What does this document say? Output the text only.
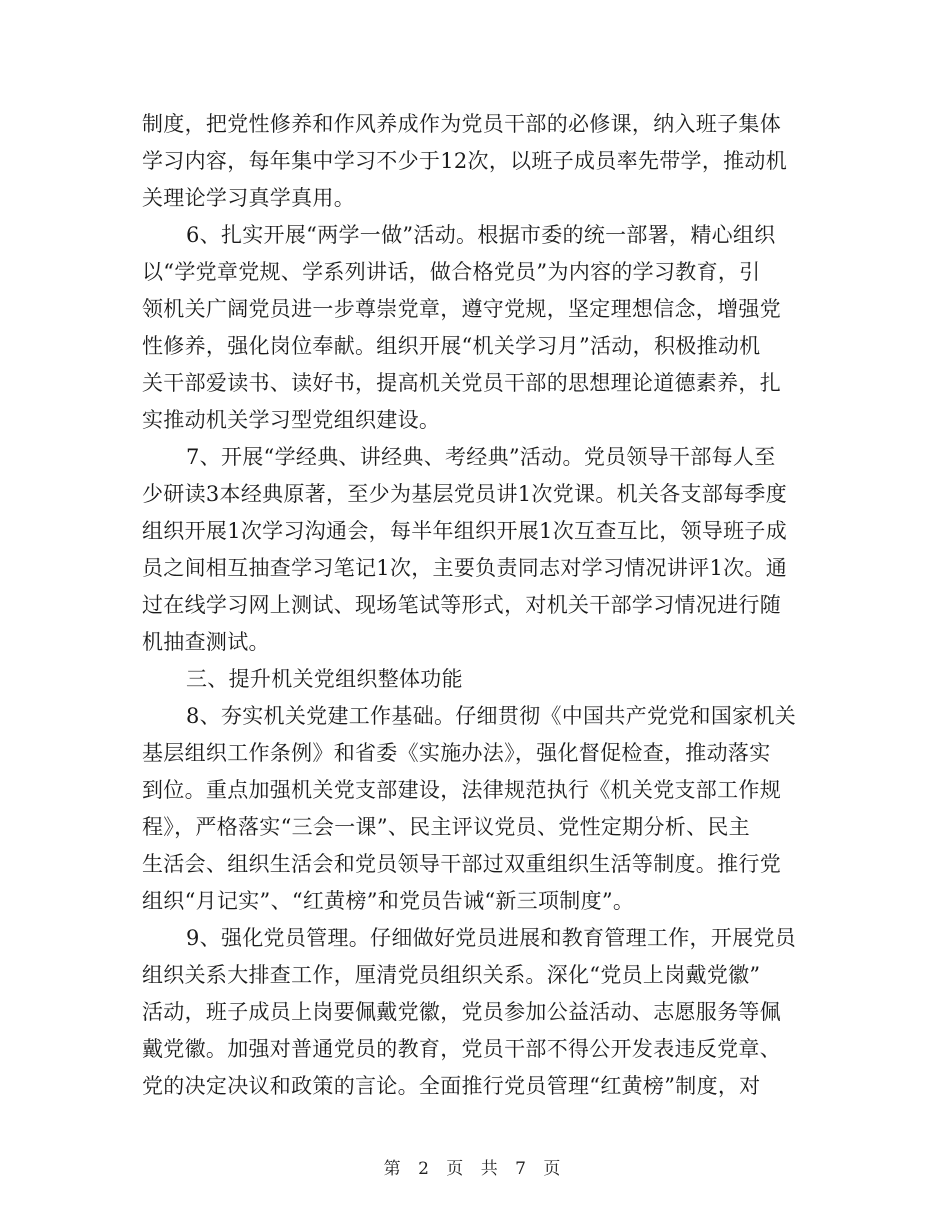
制度，把党性修养和作风养成作为党员干部的必修课，纳入班子集体
学习内容，每年集中学习不少于12次，以班子成员率先带学，推动机
关理论学习真学真用。
6、扎实开展“两学一做”活动。根据市委的统一部署，精心组织
以“学党章党规、学系列讲话，做合格党员”为内容的学习教育，引
领机关广阔党员进一步尊崇党章，遵守党规，坚定理想信念，增强党
性修养，强化岗位奉献。组织开展“机关学习月”活动，积极推动机
关干部爱读书、读好书，提高机关党员干部的思想理论道德素养，扎
实推动机关学习型党组织建设。
7、开展“学经典、讲经典、考经典”活动。党员领导干部每人至
少研读3本经典原著，至少为基层党员讲1次党课。机关各支部每季度
组织开展1次学习沟通会，每半年组织开展1次互查互比，领导班子成
员之间相互抽查学习笔记1次，主要负责同志对学习情况讲评1次。通
过在线学习网上测试、现场笔试等形式，对机关干部学习情况进行随
机抽查测试。
三、提升机关党组织整体功能
8、夯实机关党建工作基础。仔细贯彻《中国共产党党和国家机关
基层组织工作条例》和省委《实施办法》，强化督促检查，推动落实
到位。重点加强机关党支部建设，法律规范执行《机关党支部工作规
程》，严格落实“三会一课”、民主评议党员、党性定期分析、民主
生活会、组织生活会和党员领导干部过双重组织生活等制度。推行党
组织“月记实”、“红黄榜”和党员告诫“新三项制度”。
9、强化党员管理。仔细做好党员进展和教育管理工作，开展党员
组织关系大排查工作，厘清党员组织关系。深化“党员上岗戴党徽”
活动，班子成员上岗要佩戴党徽，党员参加公益活动、志愿服务等佩
戴党徽。加强对普通党员的教育，党员干部不得公开发表违反党章、
党的决定决议和政策的言论。全面推行党员管理“红黄榜”制度，对
第 2 页 共 7 页
